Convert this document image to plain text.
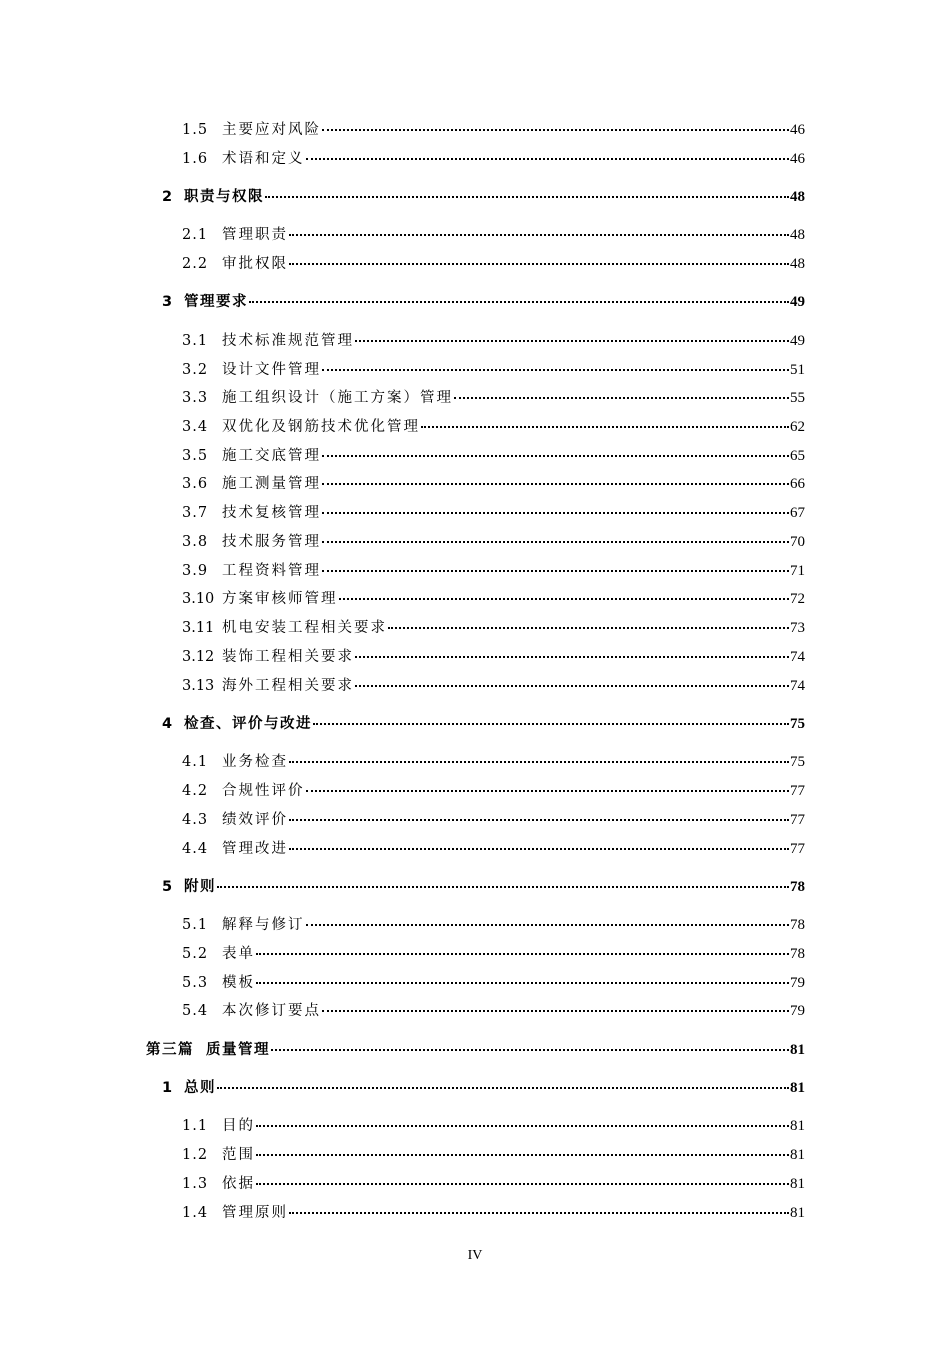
1.5 主要应对风险	46
1.6 术语和定义	46
2 职责与权限	48
2.1 管理职责	48
2.2 审批权限	48
3 管理要求	49
3.1 技术标准规范管理	49
3.2 设计文件管理	51
3.3 施工组织设计（施工方案）管理	55
3.4 双优化及钢筋技术优化管理	62
3.5 施工交底管理	65
3.6 施工测量管理	66
3.7 技术复核管理	67
3.8 技术服务管理	70
3.9 工程资料管理	71
3.10 方案审核师管理	72
3.11 机电安装工程相关要求	73
3.12 装饰工程相关要求	74
3.13 海外工程相关要求	74
4 检查、评价与改进	75
4.1 业务检查	75
4.2 合规性评价	77
4.3 绩效评价	77
4.4 管理改进	77
5 附则	78
5.1 解释与修订	78
5.2 表单	78
5.3 模板	79
5.4 本次修订要点	79
第三篇 质量管理	81
1 总则	81
1.1 目的	81
1.2 范围	81
1.3 依据	81
1.4 管理原则	81
IV
